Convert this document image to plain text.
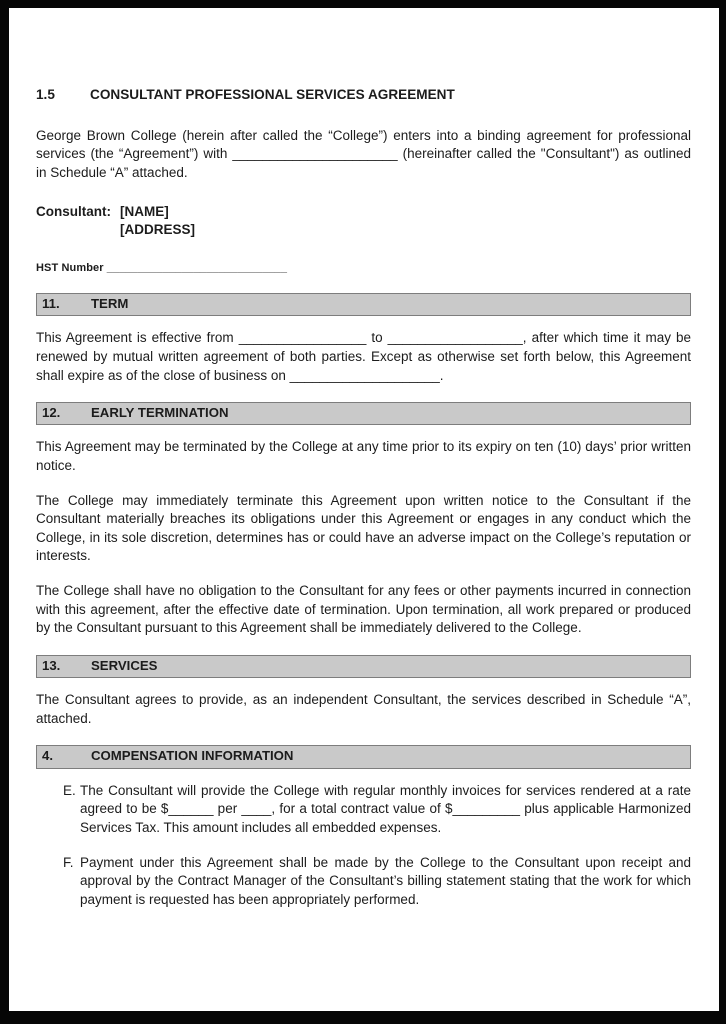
1.5	CONSULTANT PROFESSIONAL SERVICES AGREEMENT

George Brown College (herein after called the “College”) enters into a binding agreement for professional services (the “Agreement”) with ______________________ (hereinafter called the "Consultant") as outlined in Schedule “A” attached.

Consultant: [NAME]
[ADDRESS]
HST Number _____________________________
11.	TERM

This Agreement is effective from _________________ to __________________, after which time it may be renewed by mutual written agreement of both parties. Except as otherwise set forth below, this Agreement shall expire as of the close of business on ____________________.

12.	EARLY TERMINATION

This Agreement may be terminated by the College at any time prior to its expiry on ten (10) days’ prior written notice.

The College may immediately terminate this Agreement upon written notice to the Consultant if the Consultant materially breaches its obligations under this Agreement or engages in any conduct which the College, in its sole discretion, determines has or could have an adverse impact on the College’s reputation or interests.

The College shall have no obligation to the Consultant for any fees or other payments incurred in connection with this agreement, after the effective date of termination. Upon termination, all work prepared or produced by the Consultant pursuant to this Agreement shall be immediately delivered to the College.

13.	SERVICES

The Consultant agrees to provide, as an independent Consultant, the services described in Schedule “A”, attached.

4.	COMPENSATION INFORMATION
E. The Consultant will provide the College with regular monthly invoices for services rendered at a rate agreed to be $______ per ____, for a total contract value of $_________ plus applicable Harmonized Services Tax. This amount includes all embedded expenses.
F. Payment under this Agreement shall be made by the College to the Consultant upon receipt and approval by the Contract Manager of the Consultant’s billing statement stating that the work for which payment is requested has been appropriately performed.
